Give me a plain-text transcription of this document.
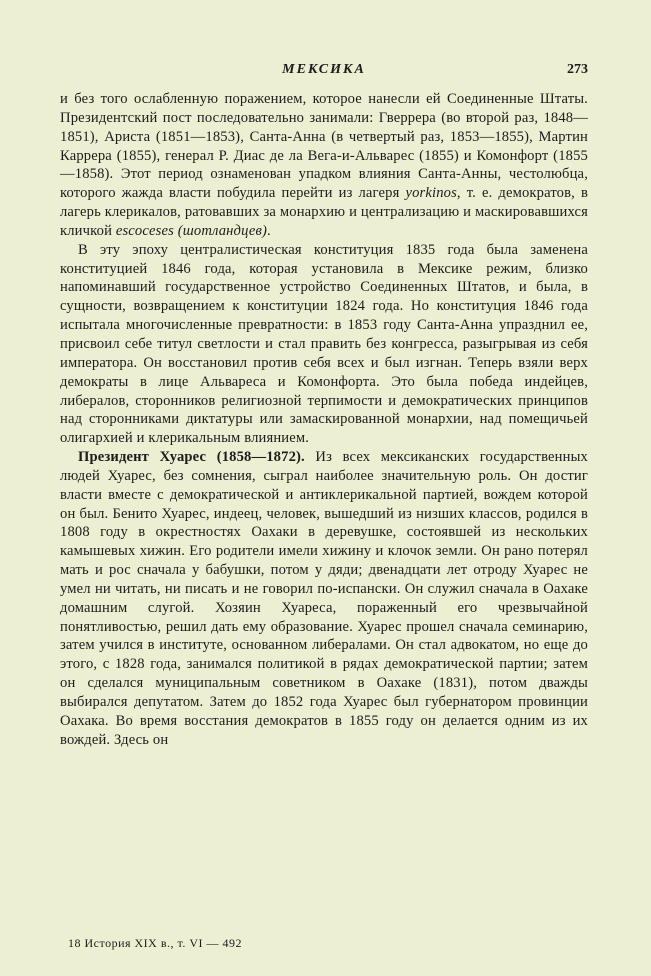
МЕКСИКА	273

и без того ослабленную поражением, которое нанесли ей Соединенные Штаты. Президентский пост последовательно занимали: Гверрера (во второй раз, 1848—1851), Ариста (1851—1853), Санта-Анна (в четвертый раз, 1853—1855), Мартин Каррера (1855), генерал Р. Диас де ла Вега-и-Альварес (1855) и Комонфорт (1855—1858). Этот период ознаменован упадком влияния Санта-Анны, честолюбца, которого жажда власти побудила перейти из лагеря yorkinos, т. е. демократов, в лагерь клерикалов, ратовавших за монархию и централизацию и маскировавшихся кличкой escoceses (шотландцев).

В эту эпоху централистическая конституция 1835 года была заменена конституцией 1846 года, которая установила в Мексике режим, близко напоминавший государственное устройство Соединенных Штатов, и была, в сущности, возвращением к конституции 1824 года. Но конституция 1846 года испытала многочисленные превратности: в 1853 году Санта-Анна упразднил ее, присвоил себе титул светлости и стал править без конгресса, разыгрывая из себя императора. Он восстановил против себя всех и был изгнан. Теперь взяли верх демократы в лице Альвареса и Комонфорта. Это была победа индейцев, либералов, сторонников религиозной терпимости и демократических принципов над сторонниками диктатуры или замаскированной монархии, над помещичьей олигархией и клерикальным влиянием.

Президент Хуарес (1858—1872). Из всех мексиканских государственных людей Хуарес, без сомнения, сыграл наиболее значительную роль. Он достиг власти вместе с демократической и антиклерикальной партией, вождем которой он был. Бенито Хуарес, индеец, человек, вышедший из низших классов, родился в 1808 году в окрестностях Оахаки в деревушке, состоявшей из нескольких камышевых хижин. Его родители имели хижину и клочок земли. Он рано потерял мать и рос сначала у бабушки, потом у дяди; двенадцати лет отроду Хуарес не умел ни читать, ни писать и не говорил по-испански. Он служил сначала в Оахаке домашним слугой. Хозяин Хуареса, пораженный его чрезвычайной понятливостью, решил дать ему образование. Хуарес прошел сначала семинарию, затем учился в институте, основанном либералами. Он стал адвокатом, но еще до этого, с 1828 года, занимался политикой в рядах демократической партии; затем он сделался муниципальным советником в Оахаке (1831), потом дважды выбирался депутатом. Затем до 1852 года Хуарес был губернатором провинции Оахака. Во время восстания демократов в 1855 году он делается одним из их вождей. Здесь он

18 История XIX в., т. VI — 492
